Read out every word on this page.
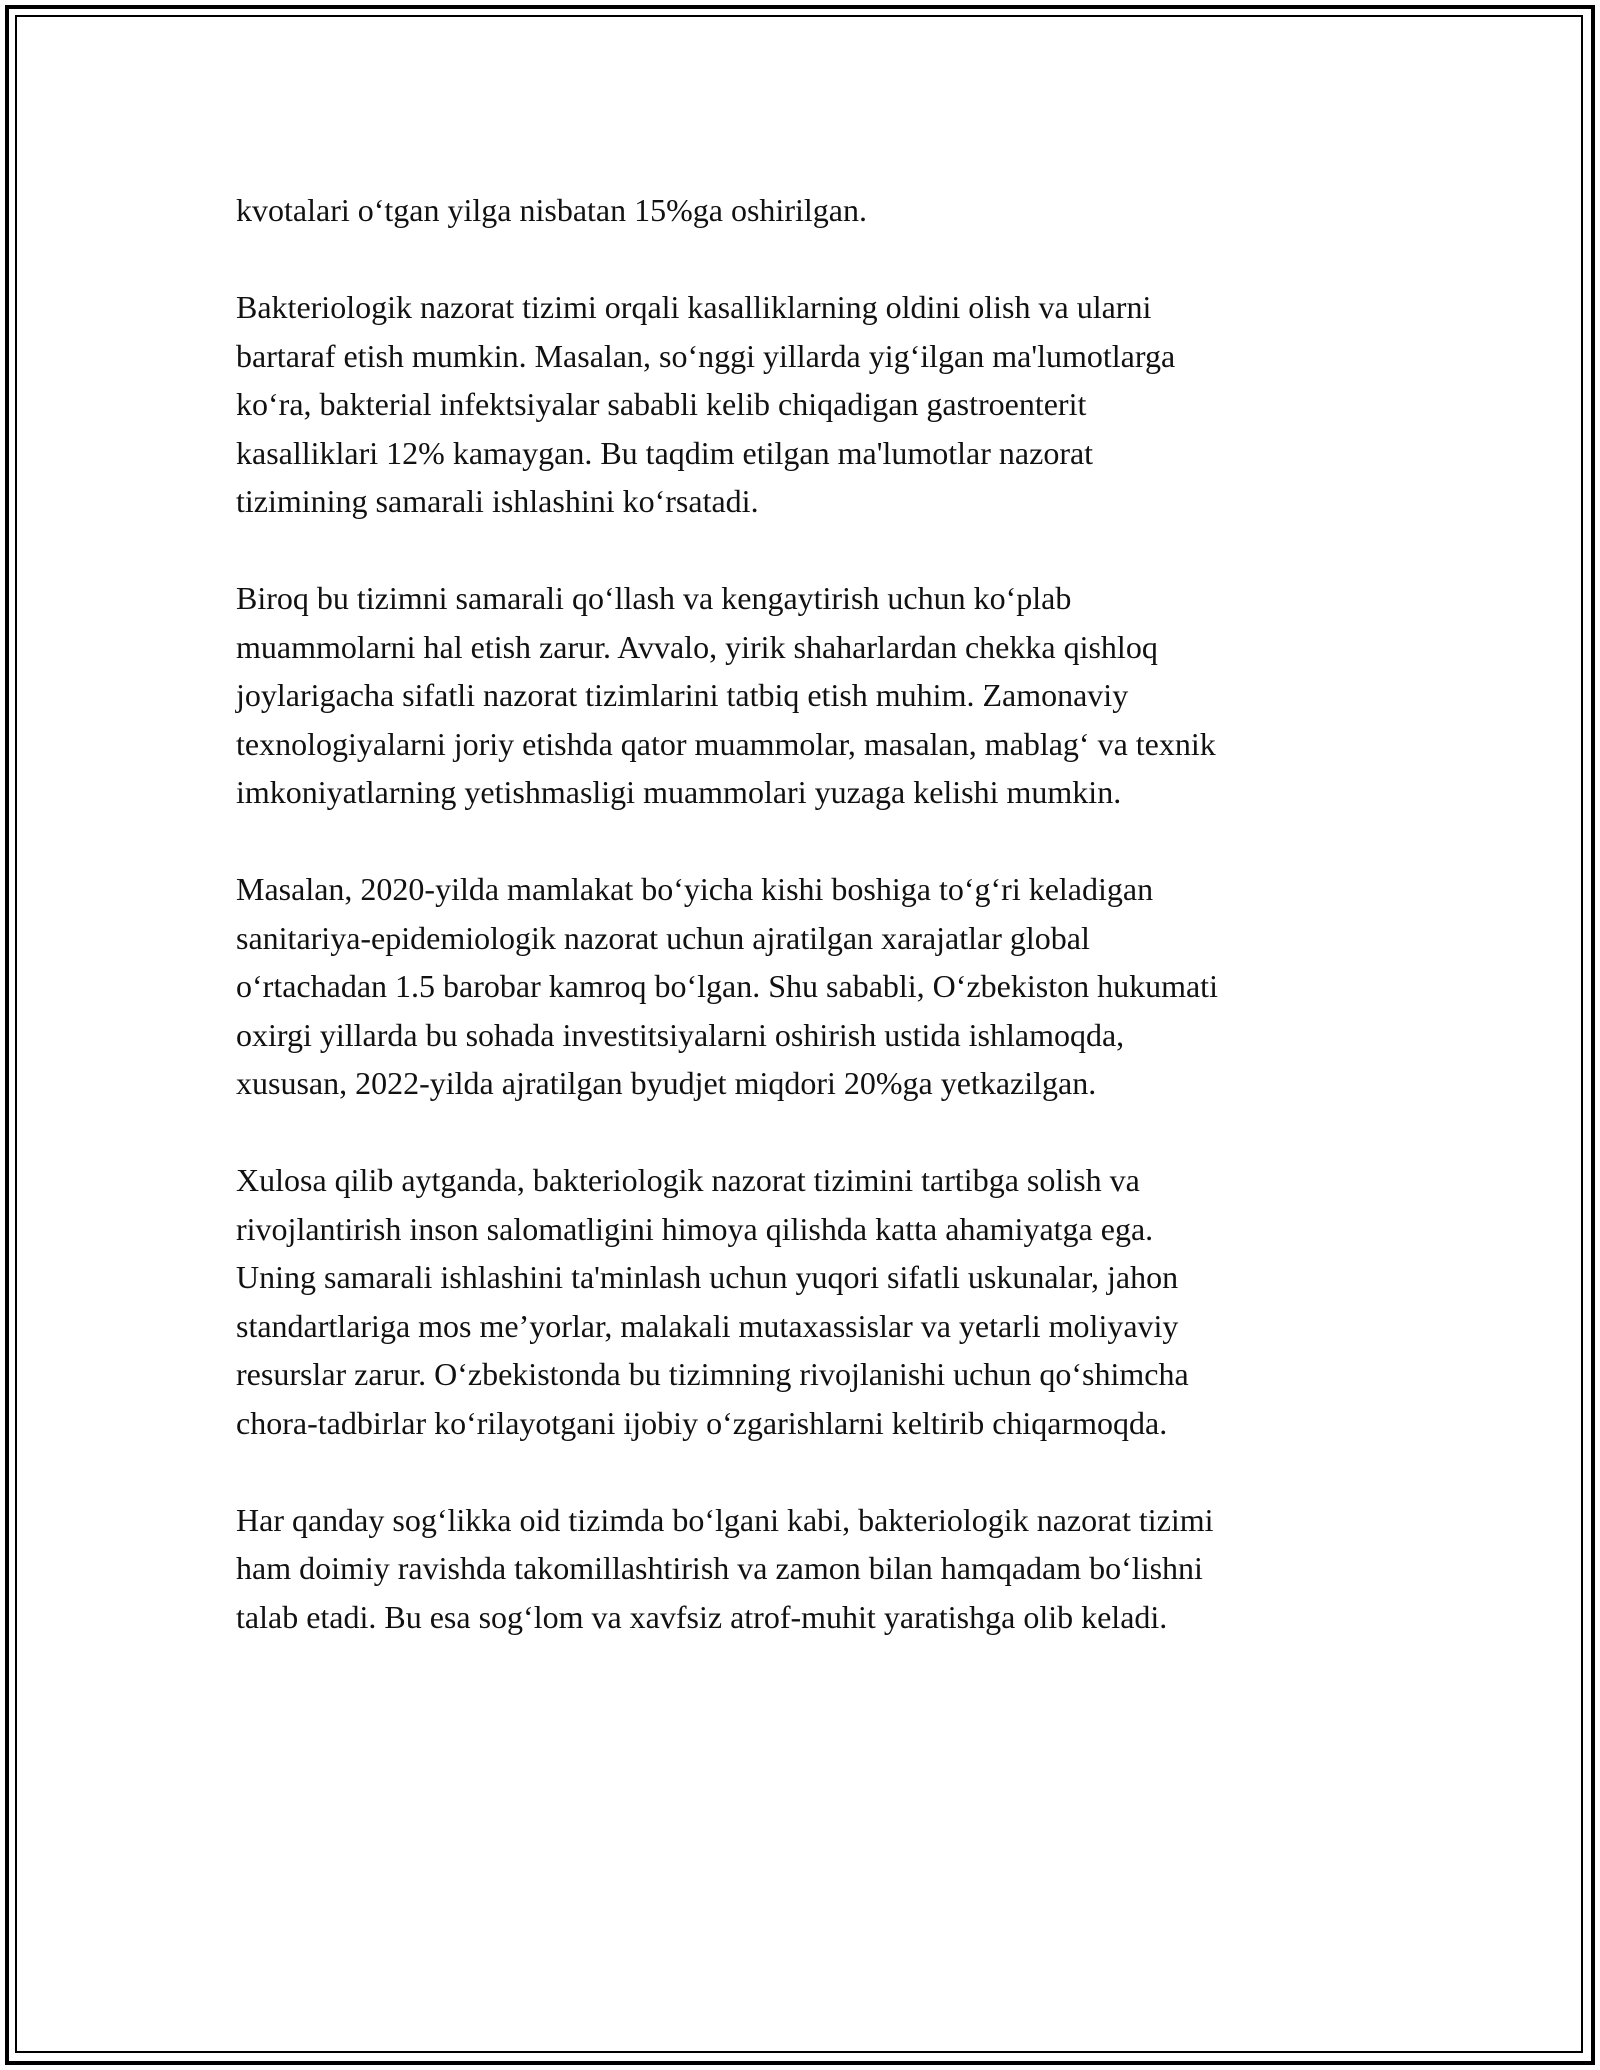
kvotalari o‘tgan yilga nisbatan 15%ga oshirilgan.

Bakteriologik nazorat tizimi orqali kasalliklarning oldini olish va ularni
bartaraf etish mumkin. Masalan, so‘nggi yillarda yig‘ilgan ma'lumotlarga
ko‘ra, bakterial infektsiyalar sababli kelib chiqadigan gastroenterit
kasalliklari 12% kamaygan. Bu taqdim etilgan ma'lumotlar nazorat
tizimining samarali ishlashini ko‘rsatadi.

Biroq bu tizimni samarali qo‘llash va kengaytirish uchun ko‘plab
muammolarni hal etish zarur. Avvalo, yirik shaharlardan chekka qishloq
joylarigacha sifatli nazorat tizimlarini tatbiq etish muhim. Zamonaviy
texnologiyalarni joriy etishda qator muammolar, masalan, mablag‘ va texnik
imkoniyatlarning yetishmasligi muammolari yuzaga kelishi mumkin.

Masalan, 2020-yilda mamlakat bo‘yicha kishi boshiga to‘g‘ri keladigan
sanitariya-epidemiologik nazorat uchun ajratilgan xarajatlar global
o‘rtachadan 1.5 barobar kamroq bo‘lgan. Shu sababli, O‘zbekiston hukumati
oxirgi yillarda bu sohada investitsiyalarni oshirish ustida ishlamoqda,
xususan, 2022-yilda ajratilgan byudjet miqdori 20%ga yetkazilgan.

Xulosa qilib aytganda, bakteriologik nazorat tizimini tartibga solish va
rivojlantirish inson salomatligini himoya qilishda katta ahamiyatga ega.
Uning samarali ishlashini ta'minlash uchun yuqori sifatli uskunalar, jahon
standartlariga mos me’yorlar, malakali mutaxassislar va yetarli moliyaviy
resurslar zarur. O‘zbekistonda bu tizimning rivojlanishi uchun qo‘shimcha
chora-tadbirlar ko‘rilayotgani ijobiy o‘zgarishlarni keltirib chiqarmoqda.

Har qanday sog‘likka oid tizimda bo‘lgani kabi, bakteriologik nazorat tizimi
ham doimiy ravishda takomillashtirish va zamon bilan hamqadam bo‘lishni
talab etadi. Bu esa sog‘lom va xavfsiz atrof-muhit yaratishga olib keladi.
